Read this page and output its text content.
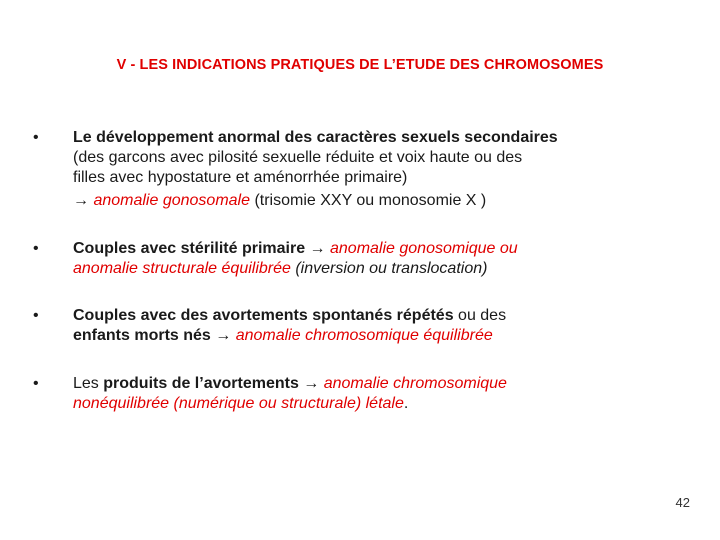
V - LES INDICATIONS PRATIQUES DE L’ETUDE DES CHROMOSOMES
•	Le développement anormal des caractères sexuels secondaires
(des garcons avec pilosité sexuelle réduite et voix haute ou des
filles avec hypostature et aménorrhée primaire)
→ anomalie gonosomale (trisomie XXY ou monosomie X )
•	Couples avec stérilité primaire → anomalie gonosomique ou
anomalie structurale équilibrée (inversion ou translocation)
•	Couples avec des avortements spontanés répétés ou des
enfants morts nés → anomalie chromosomique équilibrée
•	Les produits de l’avortements → anomalie chromosomique
nonéquilibrée (numérique ou structurale) létale.
42
